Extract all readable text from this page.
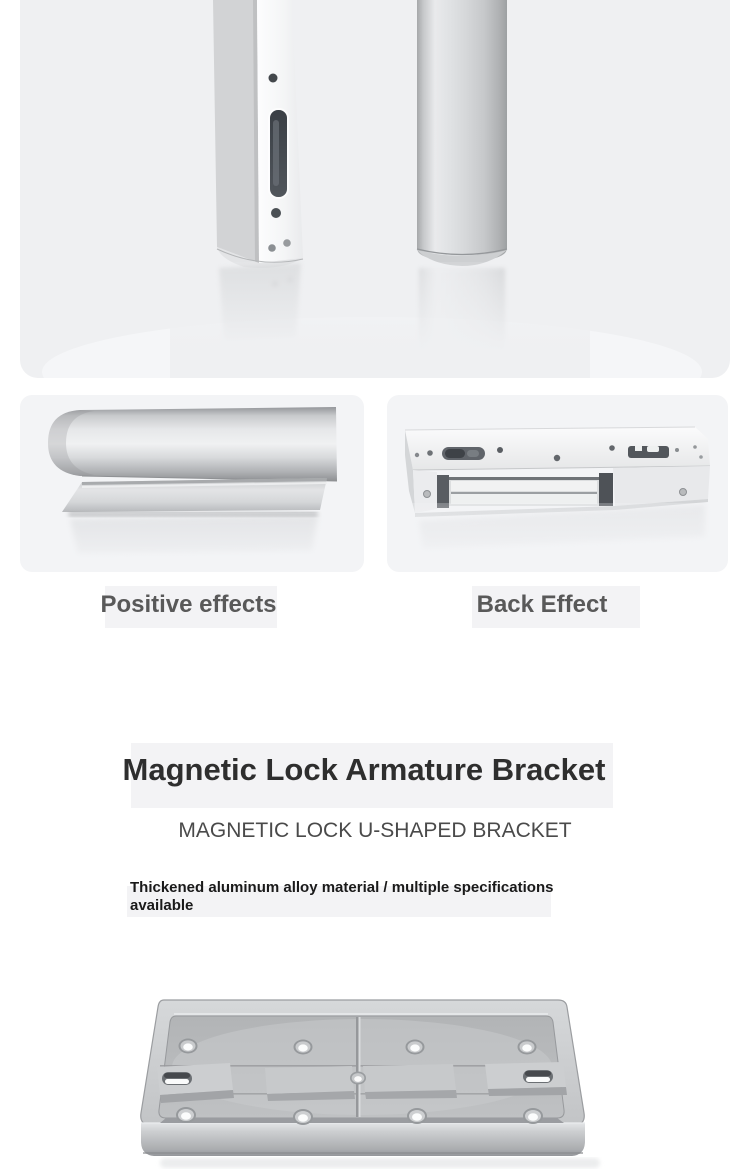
Positive effects	Back Effect
Magnetic Lock Armature Bracket
MAGNETIC LOCK U-SHAPED BRACKET
Thickened aluminum alloy material / multiple specifications available
